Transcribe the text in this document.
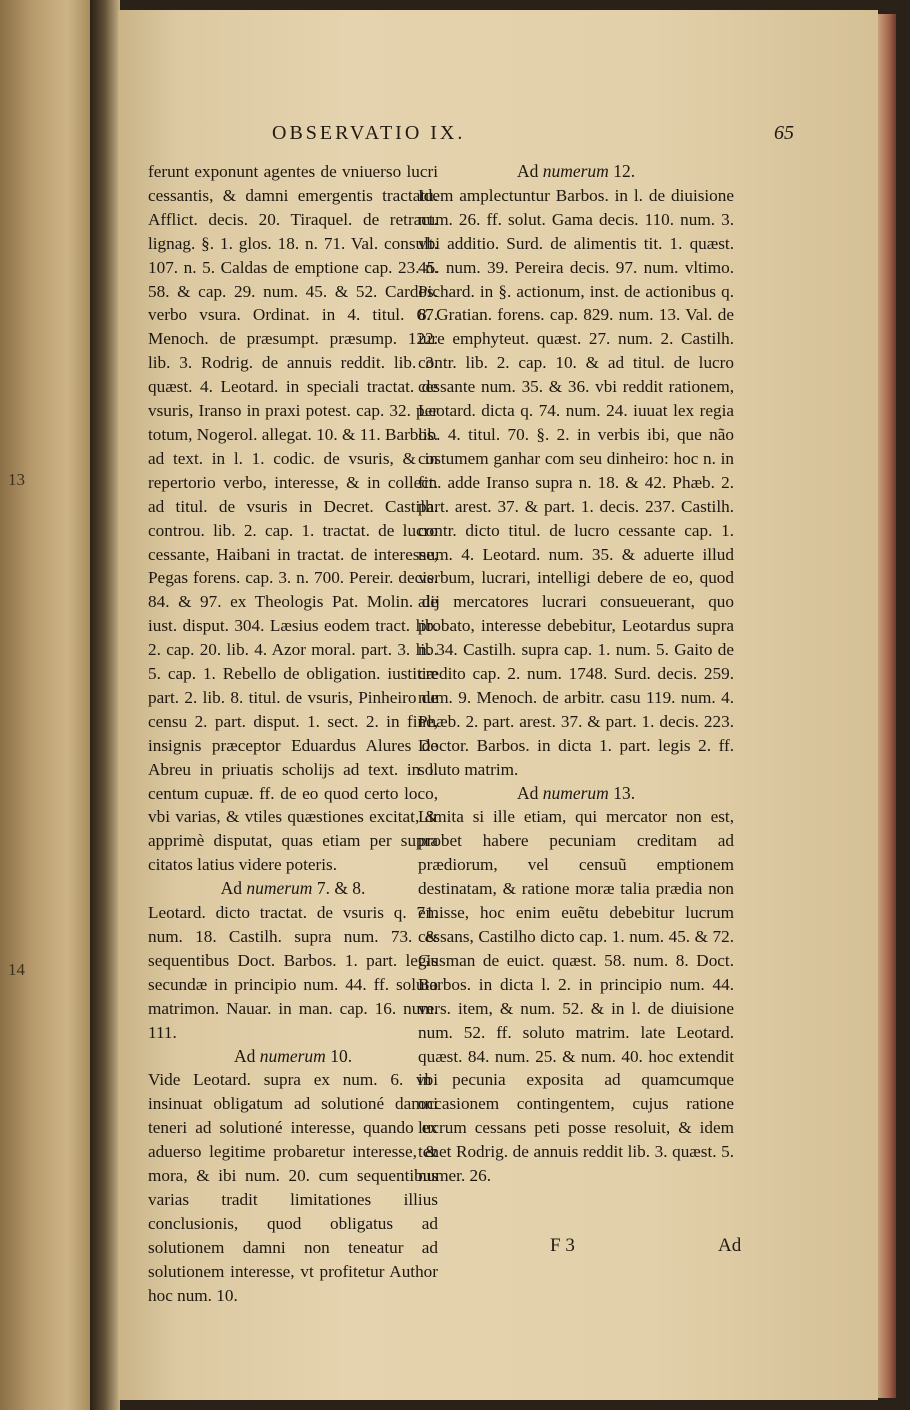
13
14
OBSERVATIO IX.	65

ferunt exponunt agentes de vniuerso lucri cessantis, & damni emergentis tractatu. Afflict. decis. 20. Tiraquel. de retract. lignag. §. 1. glos. 18. n. 71. Val. consult. 107. n. 5. Caldas de emptione cap. 23. n. 58. & cap. 29. num. 45. & 52. Cardos. verbo vsura. Ordinat. in 4. titul. 67. Menoch. de præsumpt. præsump. 122. lib. 3. Rodrig. de annuis reddit. lib. 3. quæst. 4. Leotard. in speciali tractat. de vsuris, Iranso in praxi potest. cap. 32. per totum, Nogerol. allegat. 10. & 11. Barbos. ad text. in l. 1. codic. de vsuris, & in repertorio verbo, interesse, & in collect. ad titul. de vsuris in Decret. Castilh. controu. lib. 2. cap. 1. tractat. de lucro cessante, Haibani in tractat. de interesse, Pegas forens. cap. 3. n. 700. Pereir. decis. 84. & 97. ex Theologis Pat. Molin. de iust. disput. 304. Læsius eodem tract. lib. 2. cap. 20. lib. 4. Azor moral. part. 3. lib. 5. cap. 1. Rebello de obligation. iustitiæ part. 2. lib. 8. titul. de vsuris, Pinheiro de censu 2. part. disput. 1. sect. 2. in fine, insignis præceptor Eduardus Alures de Abreu in priuatis scholijs ad text. in l. centum cupuæ. ff. de eo quod certo loco, vbi varias, & vtiles quæstiones excitat, & apprimè disputat, quas etiam per supra citatos latius videre poteris.

Ad numerum 7. & 8.

Leotard. dicto tractat. de vsuris q. 71. num. 18. Castilh. supra num. 73. & sequentibus Doct. Barbos. 1. part. legis secundæ in principio num. 44. ff. soluto matrimon. Nauar. in man. cap. 16. num. 111.

Ad numerum 10.

Vide Leotard. supra ex num. 6. vbi insinuat obligatum ad solutioné damni teneri ad solutioné interesse, quando ex aduerso legitime probaretur interesse, & mora, & ibi num. 20. cum sequentibus varias tradit limitationes illius conclusionis, quod obligatus ad solutionem damni non teneatur ad solutionem interesse, vt profitetur Author hoc num. 10.

Ad numerum 12.

Idem amplectuntur Barbos. in l. de diuisione num. 26. ff. solut. Gama decis. 110. num. 3. vbi additio. Surd. de alimentis tit. 1. quæst. 45. num. 39. Pereira decis. 97. num. vltimo. Pichard. in §. actionum, inst. de actionibus q. 8. Gratian. forens. cap. 829. num. 13. Val. de iure emphyteut. quæst. 27. num. 2. Castilh. contr. lib. 2. cap. 10. & ad titul. de lucro cessante num. 35. & 36. vbi reddit rationem, Leotard. dicta q. 74. num. 24. iuuat lex regia lib. 4. titul. 70. §. 2. in verbis ibi, que não costumem ganhar com seu dinheiro: hoc n. in fin. adde Iranso supra n. 18. & 42. Phæb. 2. part. arest. 37. & part. 1. decis. 237. Castilh. contr. dicto titul. de lucro cessante cap. 1. num. 4. Leotard. num. 35. & aduerte illud verbum, lucrari, intelligi debere de eo, quod alij mercatores lucrari consueuerant, quo probato, interesse debebitur, Leotardus supra n. 34. Castilh. supra cap. 1. num. 5. Gaito de credito cap. 2. num. 1748. Surd. decis. 259. num. 9. Menoch. de arbitr. casu 119. num. 4. Phæb. 2. part. arest. 37. & part. 1. decis. 223. Doctor. Barbos. in dicta 1. part. legis 2. ff. soluto matrim.

Ad numerum 13.

Limita si ille etiam, qui mercator non est, probet habere pecuniam creditam ad prædiorum, vel censuũ emptionem destinatam, & ratione moræ talia prædia non emisse, hoc enim euẽtu debebitur lucrum cessans, Castilho dicto cap. 1. num. 45. & 72. Gusman de euict. quæst. 58. num. 8. Doct. Barbos. in dicta l. 2. in principio num. 44. vers. item, & num. 52. & in l. de diuisione num. 52. ff. soluto matrim. late Leotard. quæst. 84. num. 25. & num. 40. hoc extendit in pecunia exposita ad quamcumque occasionem contingentem, cujus ratione lucrum cessans peti posse resoluit, & idem tenet Rodrig. de annuis reddit lib. 3. quæst. 5. numer. 26.

F 3	Ad
